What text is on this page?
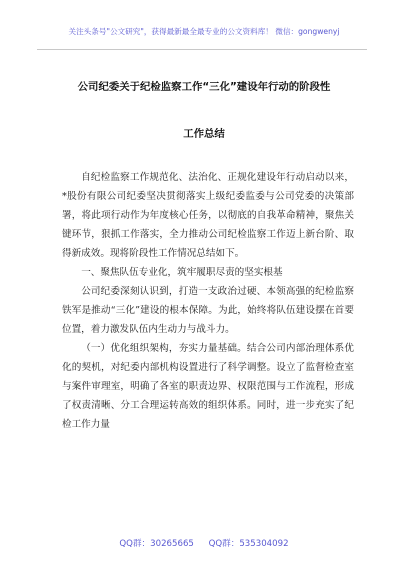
关注头条号"公文研究"，获得最新最全最专业的公文资料库！ 微信：gongwenyj
公司纪委关于纪检监察工作“三化”建设年行动的阶段性
工作总结

自纪检监察工作规范化、法治化、正规化建设年行动启动以来，*股份有限公司纪委坚决贯彻落实上级纪委监委与公司党委的决策部署，将此项行动作为年度核心任务，以彻底的自我革命精神，聚焦关键环节，狠抓工作落实，全力推动公司纪检监察工作迈上新台阶、取得新成效。现将阶段性工作情况总结如下。

一、聚焦队伍专业化，筑牢履职尽责的坚实根基

公司纪委深刻认识到，打造一支政治过硬、本领高强的纪检监察铁军是推动“三化”建设的根本保障。为此，始终将队伍建设摆在首要位置，着力激发队伍内生动力与战斗力。

（一）优化组织架构，夯实力量基础。结合公司内部治理体系优化的契机，对纪委内部机构设置进行了科学调整。设立了监督检查室与案件审理室，明确了各室的职责边界、权限范围与工作流程，形成了权责清晰、分工合理运转高效的组织体系。同时，进一步充实了纪检工作力量

QQ群：30265665 QQ群：535304092
